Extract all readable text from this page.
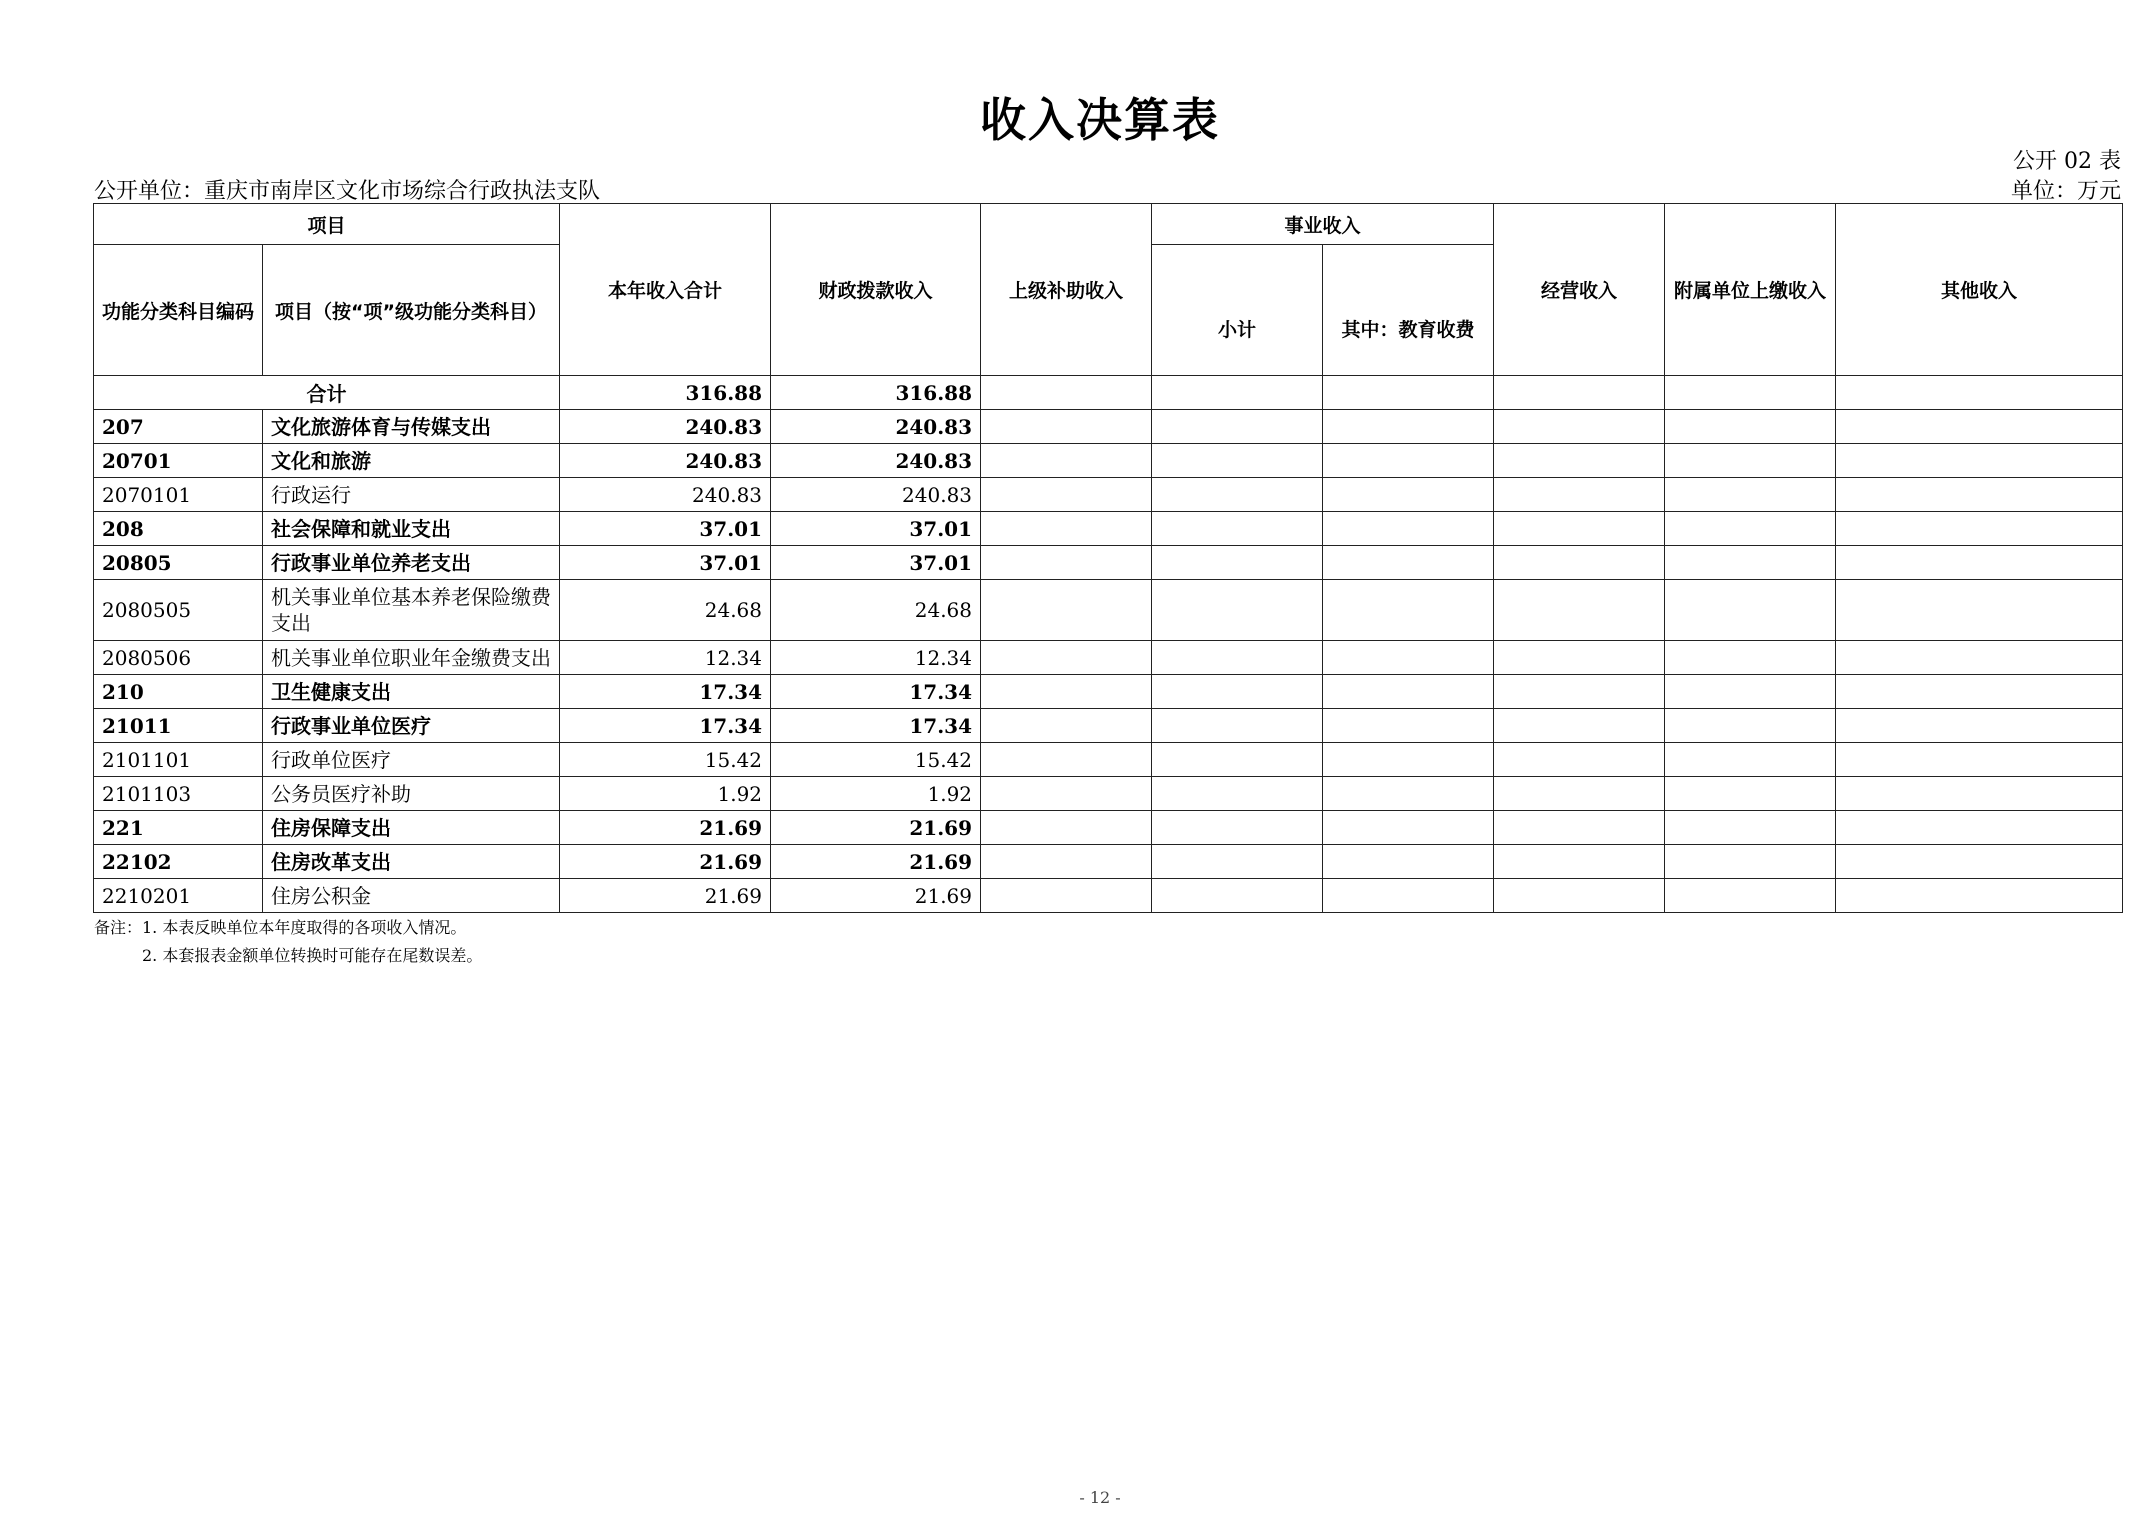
收入决算表
公开 02 表
公开单位：重庆市南岸区文化市场综合行政执法支队	单位：万元
项目		本年收入合计	财政拨款收入	上级补助收入	事业收入		经营收入	附属单位上缴收入	其他收入
功能分类科目编码	项目（按“项”级功能分类科目）				小计	其中：教育收费			
合计		316.88	316.88						
207	文化旅游体育与传媒支出	240.83	240.83						
20701	文化和旅游	240.83	240.83						
2070101	行政运行	240.83	240.83						
208	社会保障和就业支出	37.01	37.01						
20805	行政事业单位养老支出	37.01	37.01						
2080505	机关事业单位基本养老保险缴费支出	24.68	24.68						
2080506	机关事业单位职业年金缴费支出	12.34	12.34						
210	卫生健康支出	17.34	17.34						
21011	行政事业单位医疗	17.34	17.34						
2101101	行政单位医疗	15.42	15.42						
2101103	公务员医疗补助	1.92	1.92						
221	住房保障支出	21.69	21.69						
22102	住房改革支出	21.69	21.69						
2210201	住房公积金	21.69	21.69						
备注：1. 本表反映单位本年度取得的各项收入情况。
2. 本套报表金额单位转换时可能存在尾数误差。
- 12 -
